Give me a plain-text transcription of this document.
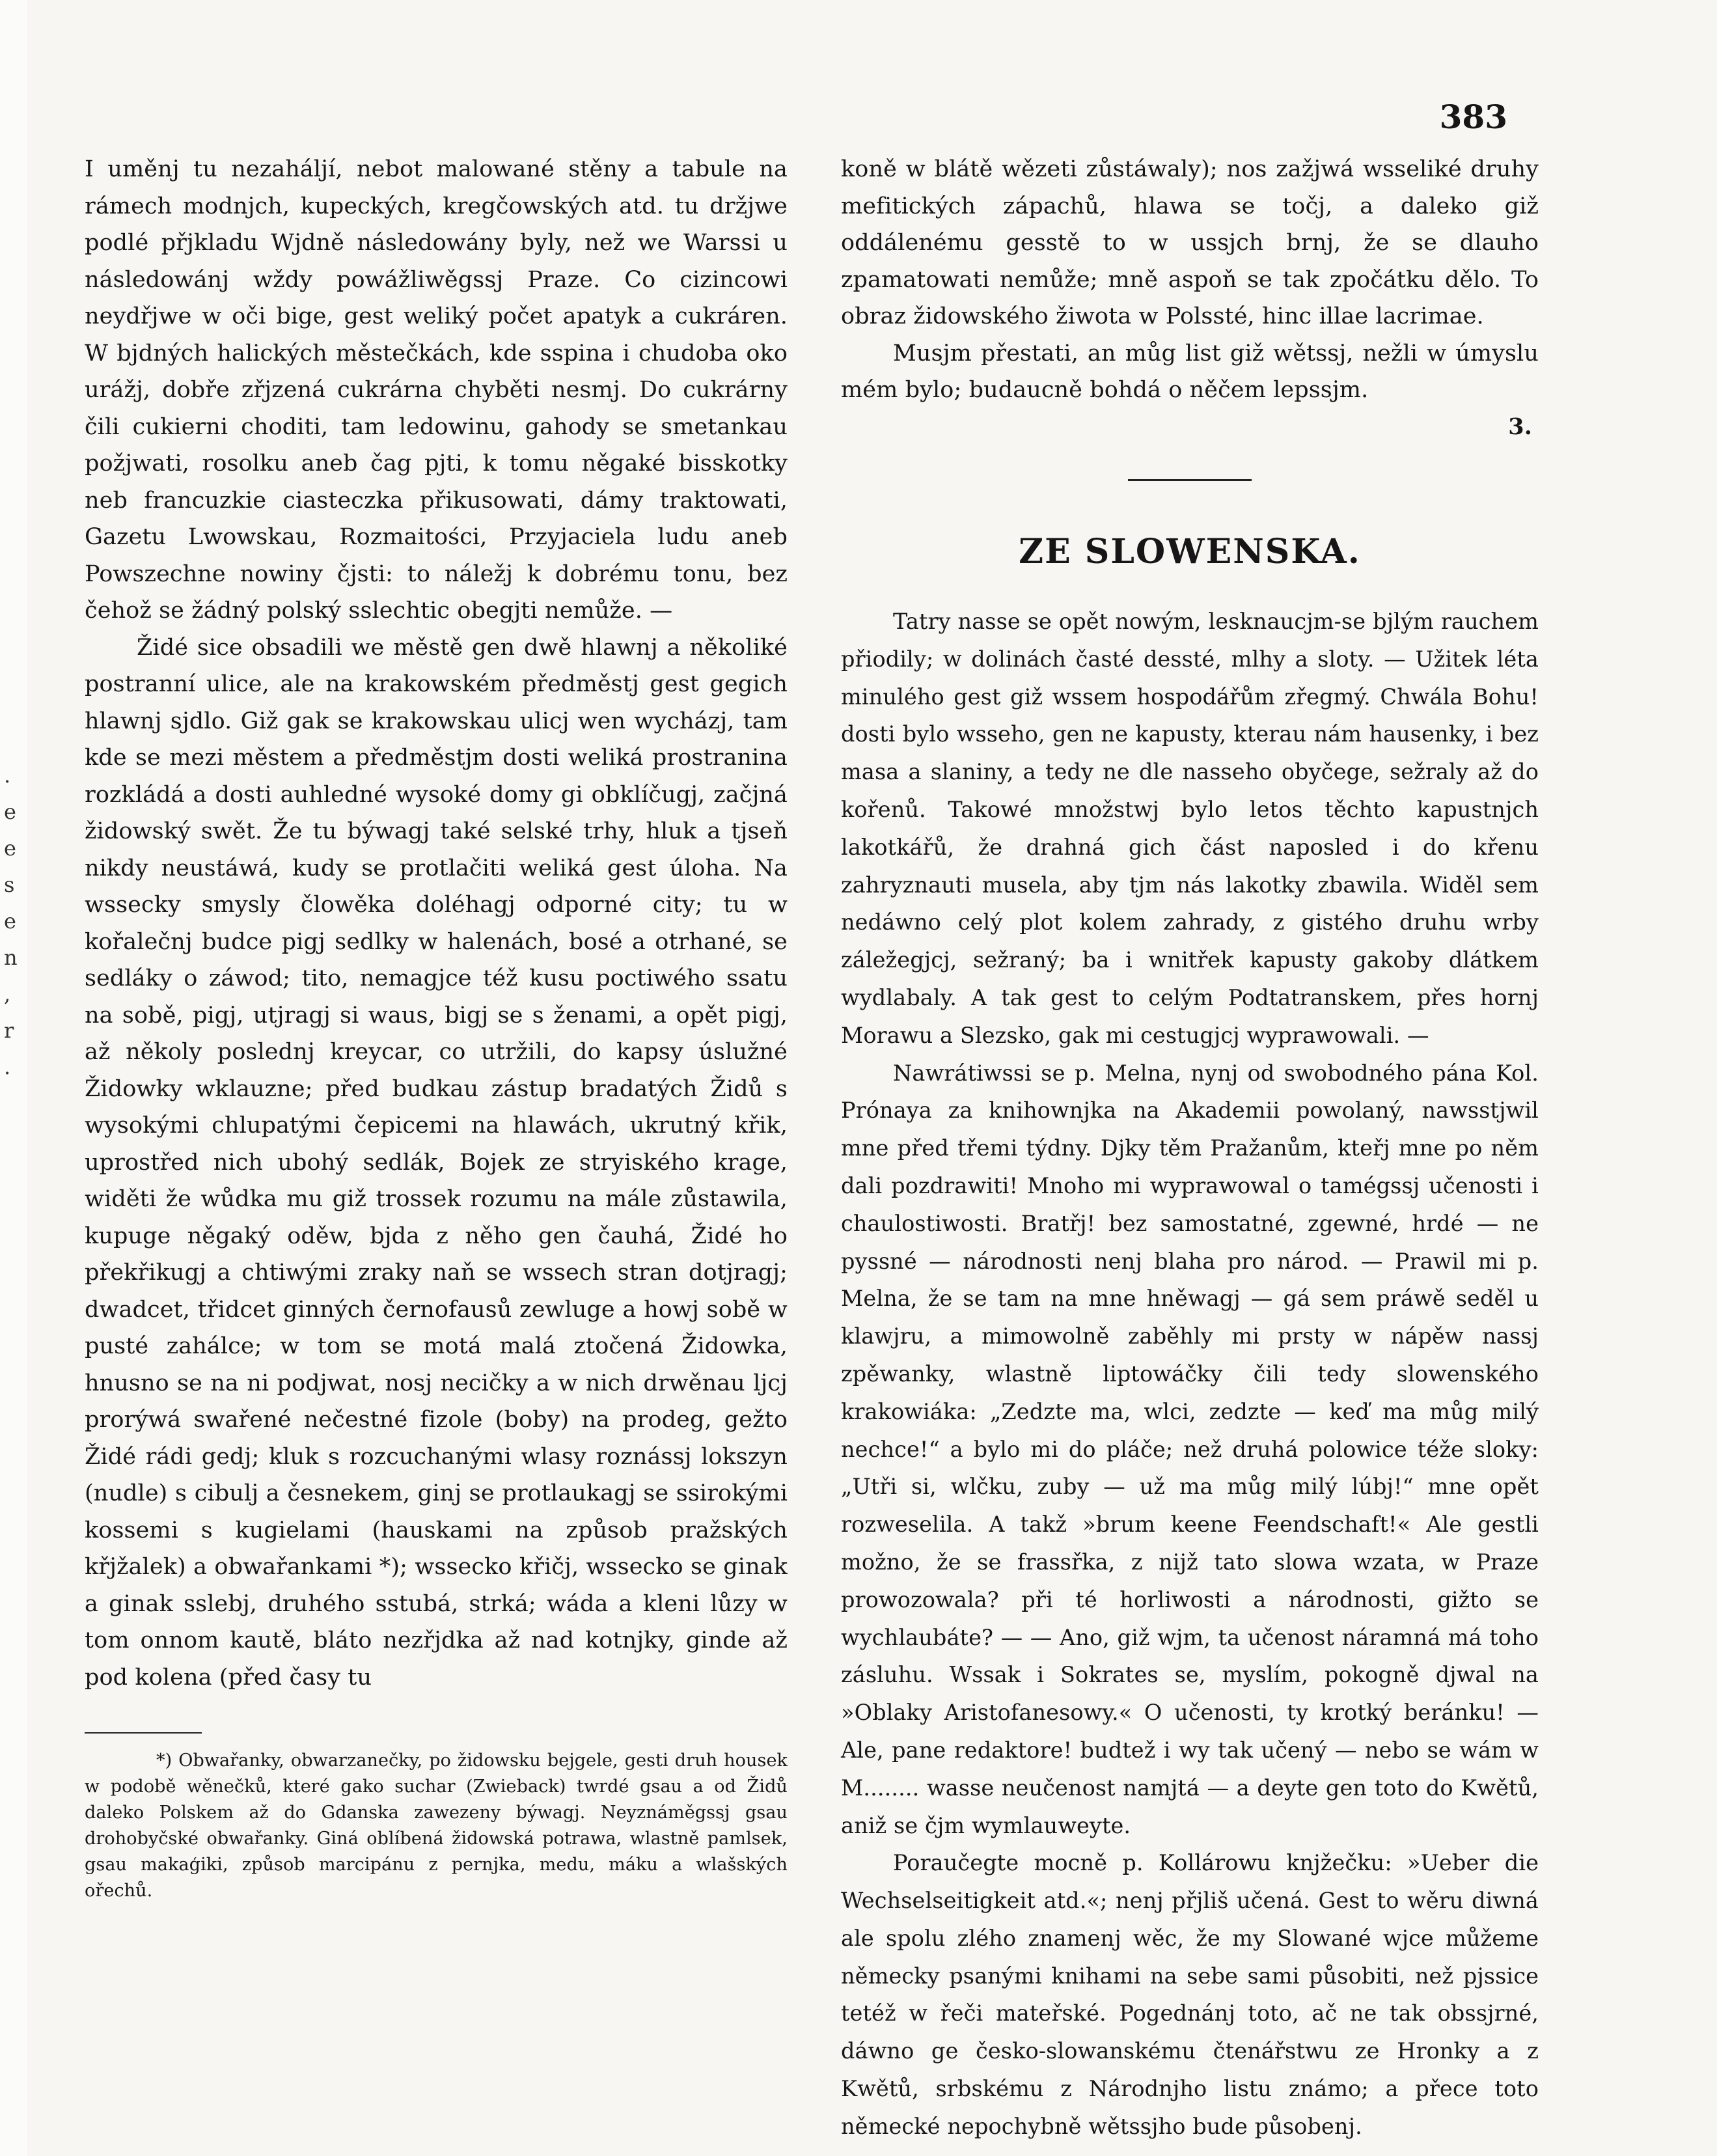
.
e
e
s
e
n
,
r
.

383

I uměnj tu nezaháljí, nebot malowané stěny a tabule na rámech modnjch, kupeckých, kregčowských atd. tu držjwe podlé přjkladu Wjdně následowány byly, než we Warssi u následowánj wždy powážliwěgssj Praze. Co cizincowi neydřjwe w oči bige, gest weliký počet apatyk a cukráren. W bjdných halických městečkách, kde sspina i chudoba oko urážj, dobře zřjzená cukrárna chyběti nesmj. Do cukrárny čili cukierni choditi, tam ledowinu, gahody se smetankau požjwati, rosolku aneb čag pjti, k tomu něgaké bisskotky neb francuzkie ciasteczka přikusowati, dámy traktowati, Gazetu Lwowskau, Rozmaitości, Przyjaciela ludu aneb Powszechne nowiny čjsti: to náležj k dobrému tonu, bez čehož se žádný polský sslechtic obegjti nemůže. —

Židé sice obsadili we městě gen dwě hlawnj a několiké postranní ulice, ale na krakowském předměstj gest gegich hlawnj sjdlo. Giž gak se krakowskau ulicj wen wycházj, tam kde se mezi městem a předměstjm dosti weliká prostranina rozkládá a dosti auhledné wysoké domy gi obklíčugj, začjná židowský swět. Že tu býwagj také selské trhy, hluk a tjseň nikdy neustáwá, kudy se protlačiti weliká gest úloha. Na wssecky smysly člowěka doléhagj odporné city; tu w kořalečnj budce pigj sedlky w halenách, bosé a otrhané, se sedláky o záwod; tito, nemagjce též kusu poctiwého ssatu na sobě, pigj, utjragj si waus, bigj se s ženami, a opět pigj, až několy poslednj kreycar, co utržili, do kapsy úslužné Židowky wklauzne; před budkau zástup bradatých Židů s wysokými chlupatými čepicemi na hlawách, ukrutný křik, uprostřed nich ubohý sedlák, Bojek ze stryiského krage, widěti že wůdka mu giž trossek rozumu na mále zůstawila, kupuge něgaký oděw, bjda z něho gen čauhá, Židé ho překřikugj a chtiwými zraky naň se wssech stran dotjragj; dwadcet, třidcet ginných černofausů zewluge a howj sobě w pusté zahálce; w tom se motá malá ztočená Židowka, hnusno se na ni podjwat, nosj necičky a w nich drwěnau ljcj prorýwá swařené nečestné fizole (boby) na prodeg, gežto Židé rádi gedj; kluk s rozcuchanými wlasy roznássj lokszyn (nudle) s cibulj a česnekem, ginj se protlaukagj se ssirokými kossemi s kugielami (hauskami na způsob pražských křjžalek) a obwařankami *); wssecko křičj, wssecko se ginak a ginak sslebj, druhého sstubá, strká; wáda a kleni lůzy w tom onnom kautě, bláto nezřjdka až nad kotnjky, ginde až pod kolena (před časy tu

*) Obwařanky, obwarzanečky, po židowsku bejgele, gesti druh housek w podobě wěnečků, které gako suchar (Zwieback) twrdé gsau a od Židů daleko Polskem až do Gdanska zawezeny býwagj. Neyznáměgssj gsau drohobyčské obwařanky. Giná oblíbená židowská potrawa, wlastně pamlsek, gsau makaģiki, způsob marcipánu z pernjka, medu, máku a wlašských ořechů.

koně w blátě wězeti zůstáwaly); nos zažjwá wsseliké druhy mefitických zápachů, hlawa se točj, a daleko giž oddálenému gesstě to w ussjch brnj, že se dlauho zpamatowati nemůže; mně aspoň se tak zpočátku dělo. To obraz židowského žiwota w Polssté, hinc illae lacrimae.

Musjm přestati, an můg list giž wětssj, nežli w úmyslu mém bylo; budaucně bohdá o něčem lepssjm.

3.

ZE SLOWENSKA.

Tatry nasse se opět nowým, lesknaucjm-se bjlým rauchem přiodily; w dolinách časté dessté, mlhy a sloty. — Užitek léta minulého gest giž wssem hospodářům zřegmý. Chwála Bohu! dosti bylo wsseho, gen ne kapusty, kterau nám hausenky, i bez masa a slaniny, a tedy ne dle nasseho obyčege, sežraly až do kořenů. Takowé množstwj bylo letos těchto kapustnjch lakotkářů, že drahná gich část naposled i do křenu zahryznauti musela, aby tjm nás lakotky zbawila. Widěl sem nedáwno celý plot kolem zahrady, z gistého druhu wrby záležegjcj, sežraný; ba i wnitřek kapusty gakoby dlátkem wydlabaly. A tak gest to celým Podtatranskem, přes hornj Morawu a Slezsko, gak mi cestugjcj wyprawowali. —

Nawrátiwssi se p. Melna, nynj od swobodného pána Kol. Prónaya za knihownjka na Akademii powolaný, nawsstjwil mne před třemi týdny. Djky těm Pražanům, kteřj mne po něm dali pozdrawiti! Mnoho mi wyprawowal o tamégssj učenosti i chaulostiwosti. Bratřj! bez samostatné, zgewné, hrdé — ne pyssné — národnosti nenj blaha pro národ. — Prawil mi p. Melna, že se tam na mne hněwagj — gá sem práwě seděl u klawjru, a mimowolně zaběhly mi prsty w nápěw nassj zpěwanky, wlastně liptowáčky čili tedy slowenského krakowiáka: „Zedzte ma, wlci, zedzte — keď ma můg milý nechce!“ a bylo mi do pláče; než druhá polowice téže sloky: „Utři si, wlčku, zuby — už ma můg milý lúbj!“ mne opět rozweselila. A takž »brum keene Feendschaft!« Ale gestli možno, že se frassřka, z nijž tato slowa wzata, w Praze prowozowala? při té horliwosti a národnosti, gižto se wychlaubáte? — — Ano, giž wjm, ta učenost náramná má toho zásluhu. Wssak i Sokrates se, myslím, pokogně djwal na »Oblaky Aristofanesowy.« O učenosti, ty krotký beránku! — Ale, pane redaktore! budtež i wy tak učený — nebo se wám w M........ wasse neučenost namjtá — a deyte gen toto do Kwětů, aniž se čjm wymlauweyte.

Poraučegte mocně p. Kollárowu knjžečku: »Ueber die Wechselseitigkeit atd.«; nenj přjliš učená. Gest to wěru diwná ale spolu zlého znamenj wěc, že my Slowané wjce můžeme německy psanými knihami na sebe sami působiti, než pjssice tetéž w řeči mateřské. Pogednánj toto, ač ne tak obssjrné, dáwno ge česko-slowanskému čtenářstwu ze Hronky a z Kwětů, srbskému z Národnjho listu známo; a přece toto německé nepochybně wětssjho bude působenj.
